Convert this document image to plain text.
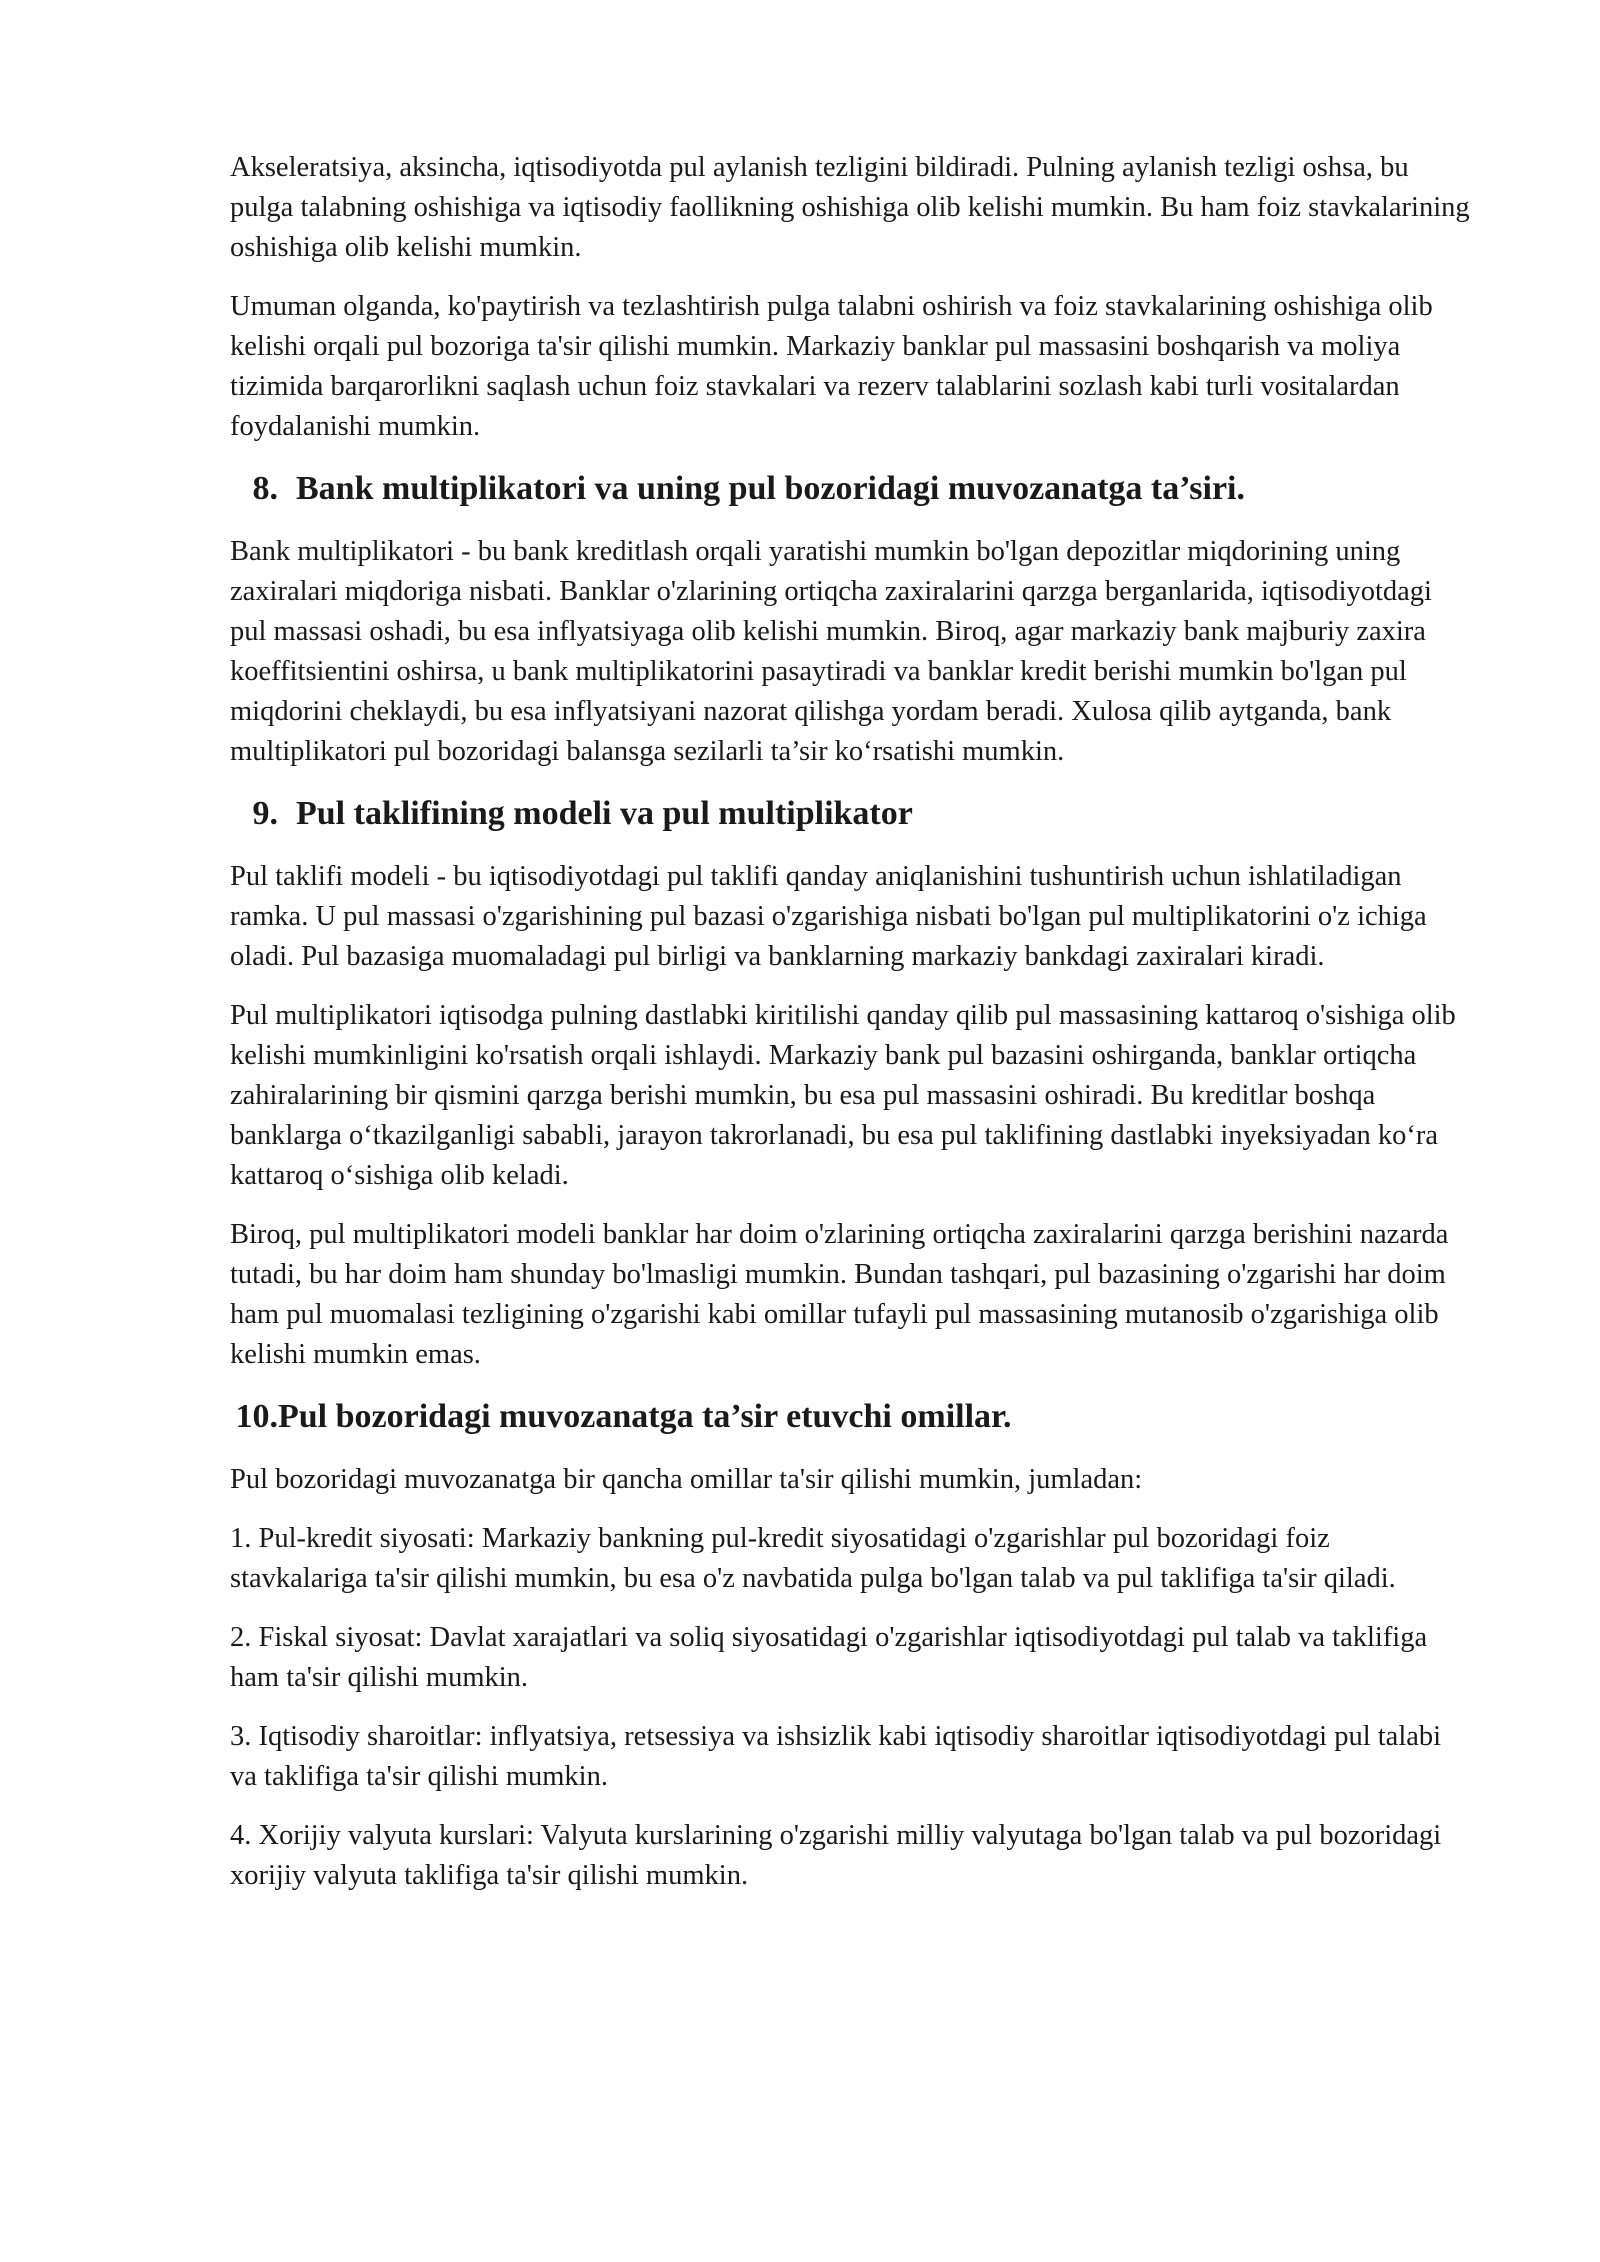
Akseleratsiya, aksincha, iqtisodiyotda pul aylanish tezligini bildiradi. Pulning aylanish tezligi oshsa, bu pulga talabning oshishiga va iqtisodiy faollikning oshishiga olib kelishi mumkin. Bu ham foiz stavkalarining oshishiga olib kelishi mumkin.

Umuman olganda, ko'paytirish va tezlashtirish pulga talabni oshirish va foiz stavkalarining oshishiga olib kelishi orqali pul bozoriga ta'sir qilishi mumkin. Markaziy banklar pul massasini boshqarish va moliya tizimida barqarorlikni saqlash uchun foiz stavkalari va rezerv talablarini sozlash kabi turli vositalardan foydalanishi mumkin.

8. Bank multiplikatori va uning pul bozoridagi muvozanatga ta’siri.

Bank multiplikatori - bu bank kreditlash orqali yaratishi mumkin bo'lgan depozitlar miqdorining uning zaxiralari miqdoriga nisbati. Banklar o'zlarining ortiqcha zaxiralarini qarzga berganlarida, iqtisodiyotdagi pul massasi oshadi, bu esa inflyatsiyaga olib kelishi mumkin. Biroq, agar markaziy bank majburiy zaxira koeffitsientini oshirsa, u bank multiplikatorini pasaytiradi va banklar kredit berishi mumkin bo'lgan pul miqdorini cheklaydi, bu esa inflyatsiyani nazorat qilishga yordam beradi. Xulosa qilib aytganda, bank multiplikatori pul bozoridagi balansga sezilarli ta’sir ko‘rsatishi mumkin.

9. Pul taklifining modeli va pul multiplikator

Pul taklifi modeli - bu iqtisodiyotdagi pul taklifi qanday aniqlanishini tushuntirish uchun ishlatiladigan ramka. U pul massasi o'zgarishining pul bazasi o'zgarishiga nisbati bo'lgan pul multiplikatorini o'z ichiga oladi. Pul bazasiga muomaladagi pul birligi va banklarning markaziy bankdagi zaxiralari kiradi.

Pul multiplikatori iqtisodga pulning dastlabki kiritilishi qanday qilib pul massasining kattaroq o'sishiga olib kelishi mumkinligini ko'rsatish orqali ishlaydi. Markaziy bank pul bazasini oshirganda, banklar ortiqcha zahiralarining bir qismini qarzga berishi mumkin, bu esa pul massasini oshiradi. Bu kreditlar boshqa banklarga o‘tkazilganligi sababli, jarayon takrorlanadi, bu esa pul taklifining dastlabki inyeksiyadan ko‘ra kattaroq o‘sishiga olib keladi.

Biroq, pul multiplikatori modeli banklar har doim o'zlarining ortiqcha zaxiralarini qarzga berishini nazarda tutadi, bu har doim ham shunday bo'lmasligi mumkin. Bundan tashqari, pul bazasining o'zgarishi har doim ham pul muomalasi tezligining o'zgarishi kabi omillar tufayli pul massasining mutanosib o'zgarishiga olib kelishi mumkin emas.

10. Pul bozoridagi muvozanatga ta’sir etuvchi omillar.

Pul bozoridagi muvozanatga bir qancha omillar ta'sir qilishi mumkin, jumladan:

1. Pul-kredit siyosati: Markaziy bankning pul-kredit siyosatidagi o'zgarishlar pul bozoridagi foiz stavkalariga ta'sir qilishi mumkin, bu esa o'z navbatida pulga bo'lgan talab va pul taklifiga ta'sir qiladi.

2. Fiskal siyosat: Davlat xarajatlari va soliq siyosatidagi o'zgarishlar iqtisodiyotdagi pul talab va taklifiga ham ta'sir qilishi mumkin.

3. Iqtisodiy sharoitlar: inflyatsiya, retsessiya va ishsizlik kabi iqtisodiy sharoitlar iqtisodiyotdagi pul talabi va taklifiga ta'sir qilishi mumkin.

4. Xorijiy valyuta kurslari: Valyuta kurslarining o'zgarishi milliy valyutaga bo'lgan talab va pul bozoridagi xorijiy valyuta taklifiga ta'sir qilishi mumkin.
